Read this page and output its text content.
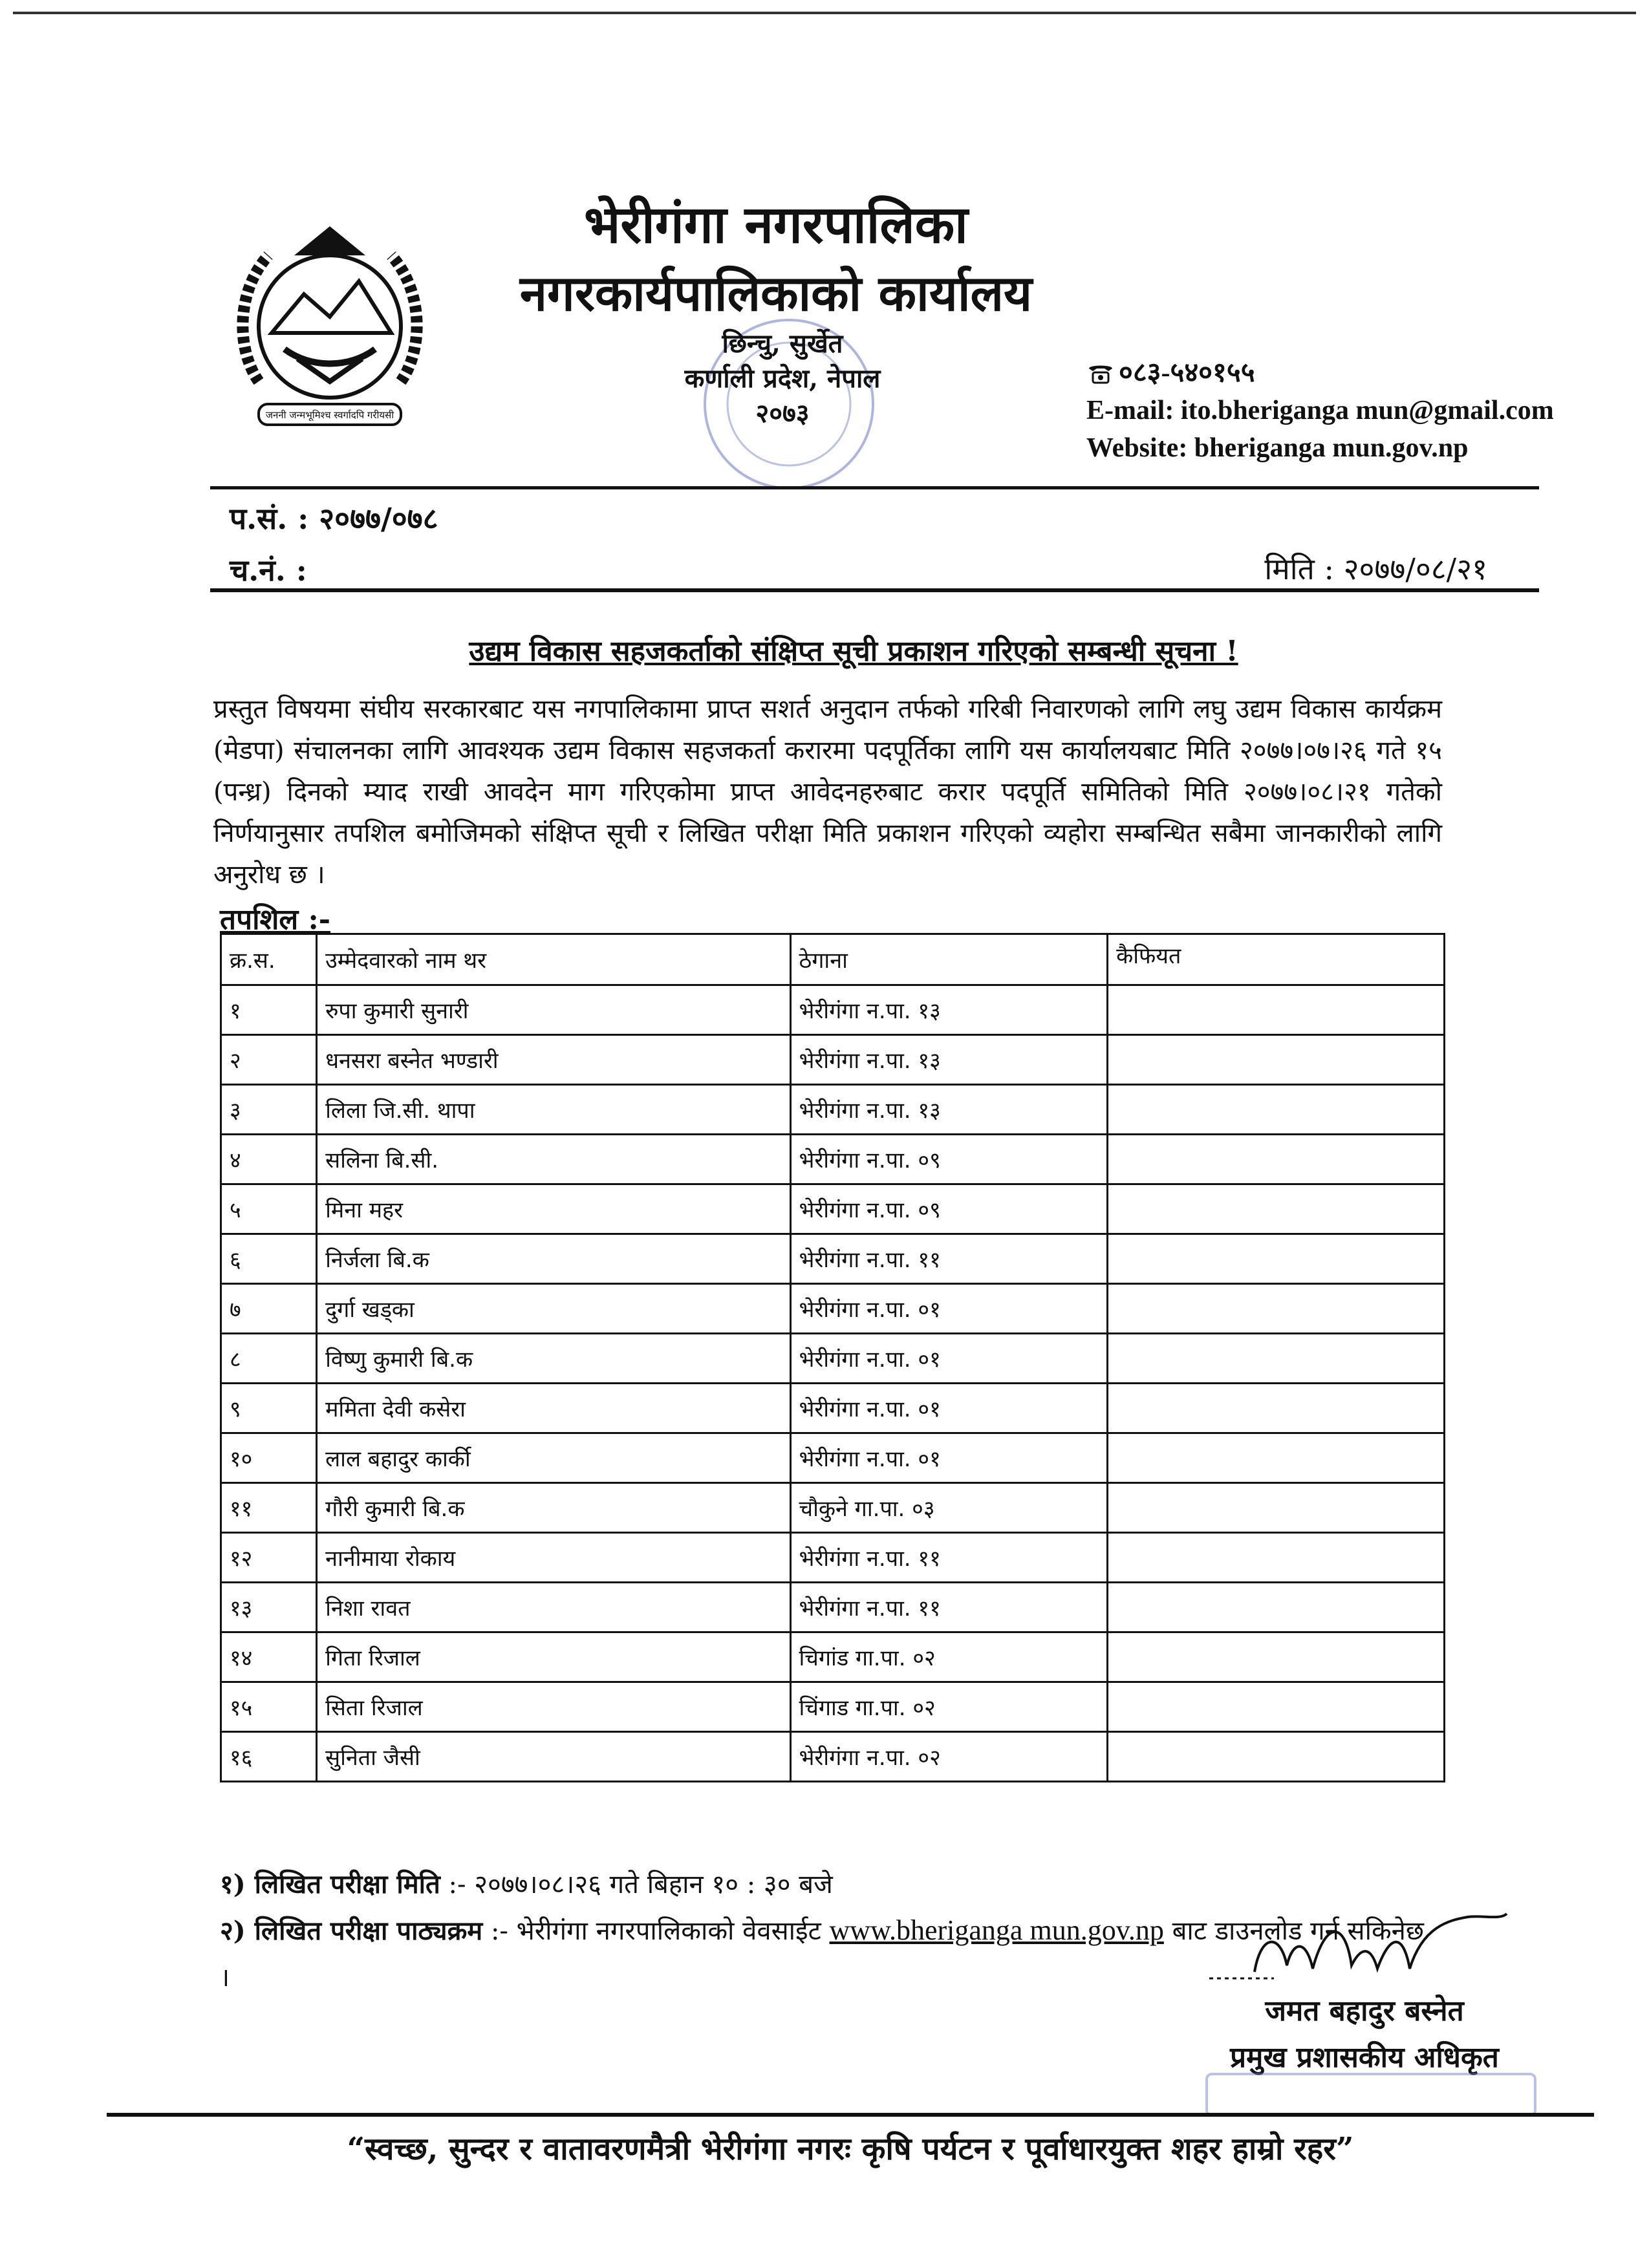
जननी जन्मभूमिश्च स्वर्गादपि गरीयसी
भेरीगंगा नगरपालिका
नगरकार्यपालिकाको कार्यालय
छिन्चु, सुर्खेत
कर्णाली प्रदेश, नेपाल
२०७३
०८३-५४०१५५
E-mail: ito.bheriganga mun@gmail.com
Website: bheriganga mun.gov.np
प.सं. : २०७७/०७८
च.नं. :	मिति : २०७७/०८/२१
उद्यम विकास सहजकर्ताको संक्षिप्त सूची प्रकाशन गरिएको सम्बन्धी सूचना !
प्रस्तुत विषयमा संघीय सरकारबाट यस नगपालिकामा प्राप्त सशर्त अनुदान तर्फको गरिबी निवारणको लागि लघु उद्यम विकास कार्यक्रम (मेडपा) संचालनका लागि आवश्यक उद्यम विकास सहजकर्ता करारमा पदपूर्तिका लागि यस कार्यालयबाट मिति २०७७।०७।२६ गते १५ (पन्ध्र) दिनको म्याद राखी आवदेन माग गरिएकोमा प्राप्त आवेदनहरुबाट करार पदपूर्ति समितिको मिति २०७७।०८।२१ गतेको निर्णयानुसार तपशिल बमोजिमको संक्षिप्त सूची र लिखित परीक्षा मिति प्रकाशन गरिएको व्यहोरा सम्बन्धित सबैमा जानकारीको लागि अनुरोध छ ।
तपशिल :-
क्र.स.	उम्मेदवारको नाम थर	ठेगाना	कैफियत
१	रुपा कुमारी सुनारी	भेरीगंगा न.पा. १३	
२	धनसरा बस्नेत भण्डारी	भेरीगंगा न.पा. १३	
३	लिला जि.सी. थापा	भेरीगंगा न.पा. १३	
४	सलिना बि.सी.	भेरीगंगा न.पा. ०९	
५	मिना महर	भेरीगंगा न.पा. ०९	
६	निर्जला बि.क	भेरीगंगा न.पा. ११	
७	दुर्गा खड्का	भेरीगंगा न.पा. ०१	
८	विष्णु कुमारी बि.क	भेरीगंगा न.पा. ०१	
९	ममिता देवी कसेरा	भेरीगंगा न.पा. ०१	
१०	लाल बहादुर कार्की	भेरीगंगा न.पा. ०१	
११	गौरी कुमारी बि.क	चौकुने गा.पा. ०३	
१२	नानीमाया रोकाय	भेरीगंगा न.पा. ११	
१३	निशा रावत	भेरीगंगा न.पा. ११	
१४	गिता रिजाल	चिगांड गा.पा. ०२	
१५	सिता रिजाल	चिंगाड गा.पा. ०२	
१६	सुनिता जैसी	भेरीगंगा न.पा. ०२	
१) लिखित परीक्षा मिति :- २०७७।०८।२६ गते बिहान १० : ३० बजे
२) लिखित परीक्षा पाठ्यक्रम :- भेरीगंगा नगरपालिकाको वेवसाईट www.bheriganga mun.gov.np बाट डाउनलोड गर्न सकिनेछ ।
जमत बहादुर बस्नेत
प्रमुख प्रशासकीय अधिकृत
“स्वच्छ, सुन्दर र वातावरणमैत्री भेरीगंगा नगरः कृषि पर्यटन र पूर्वाधारयुक्त शहर हाम्रो रहर”
